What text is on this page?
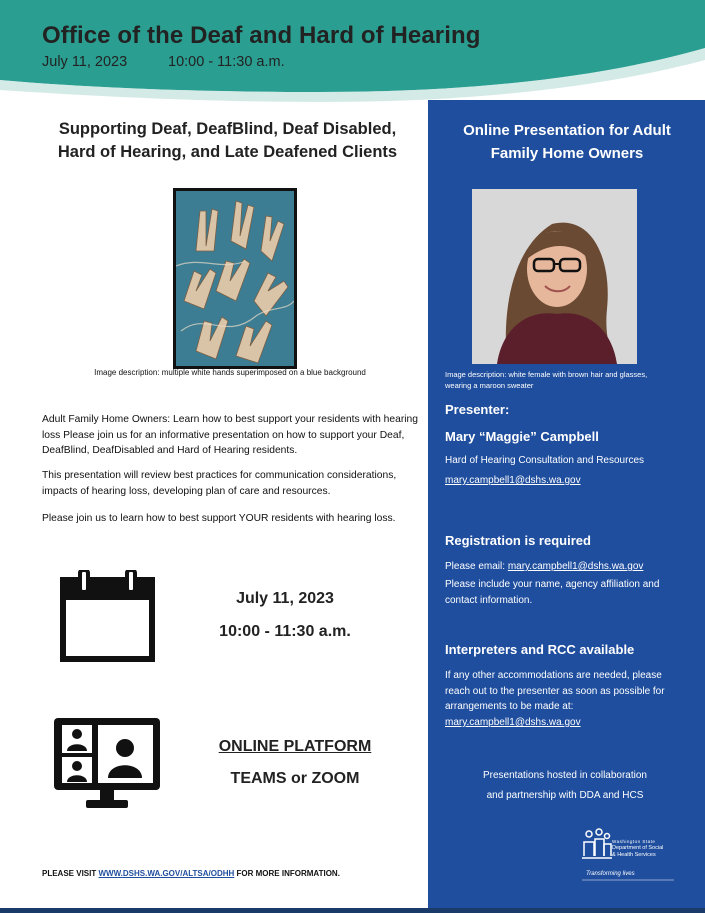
Office of the Deaf and Hard of Hearing
July 11, 2023	10:00 - 11:30 a.m.
Supporting Deaf, DeafBlind, Deaf Disabled,
Hard of Hearing, and Late Deafened Clients
Image description: multiple white hands superimposed on a blue background
Adult Family Home Owners: Learn how to best support your residents with hearing loss Please join us for an informative presentation on how to support your Deaf, DeafBlind, DeafDisabled and Hard of Hearing residents.
This presentation will review best practices for communication considerations, impacts of hearing loss, developing plan of care and resources.
Please join us to learn how to best support YOUR residents with hearing loss.
July 11, 2023
10:00 - 11:30 a.m.
ONLINE PLATFORM
TEAMS or ZOOM
PLEASE VISIT WWW.DSHS.WA.GOV/ALTSA/ODHH FOR MORE INFORMATION.
Online Presentation for Adult
Family Home Owners
Image description: white female with brown hair and glasses, wearing a maroon sweater
Presenter:
Mary “Maggie” Campbell
Hard of Hearing Consultation and Resources
mary.campbell1@dshs.wa.gov
Registration is required
Please email: mary.campbell1@dshs.wa.gov
Please include your name, agency affiliation and contact information.
Interpreters and RCC available
If any other accommodations are needed, please reach out to the presenter as soon as possible for arrangements to be made at:
mary.campbell1@dshs.wa.gov
Presentations hosted in collaboration
and partnership with DDA and HCS
Washington State
Department of Social
& Health Services
Transforming lives
